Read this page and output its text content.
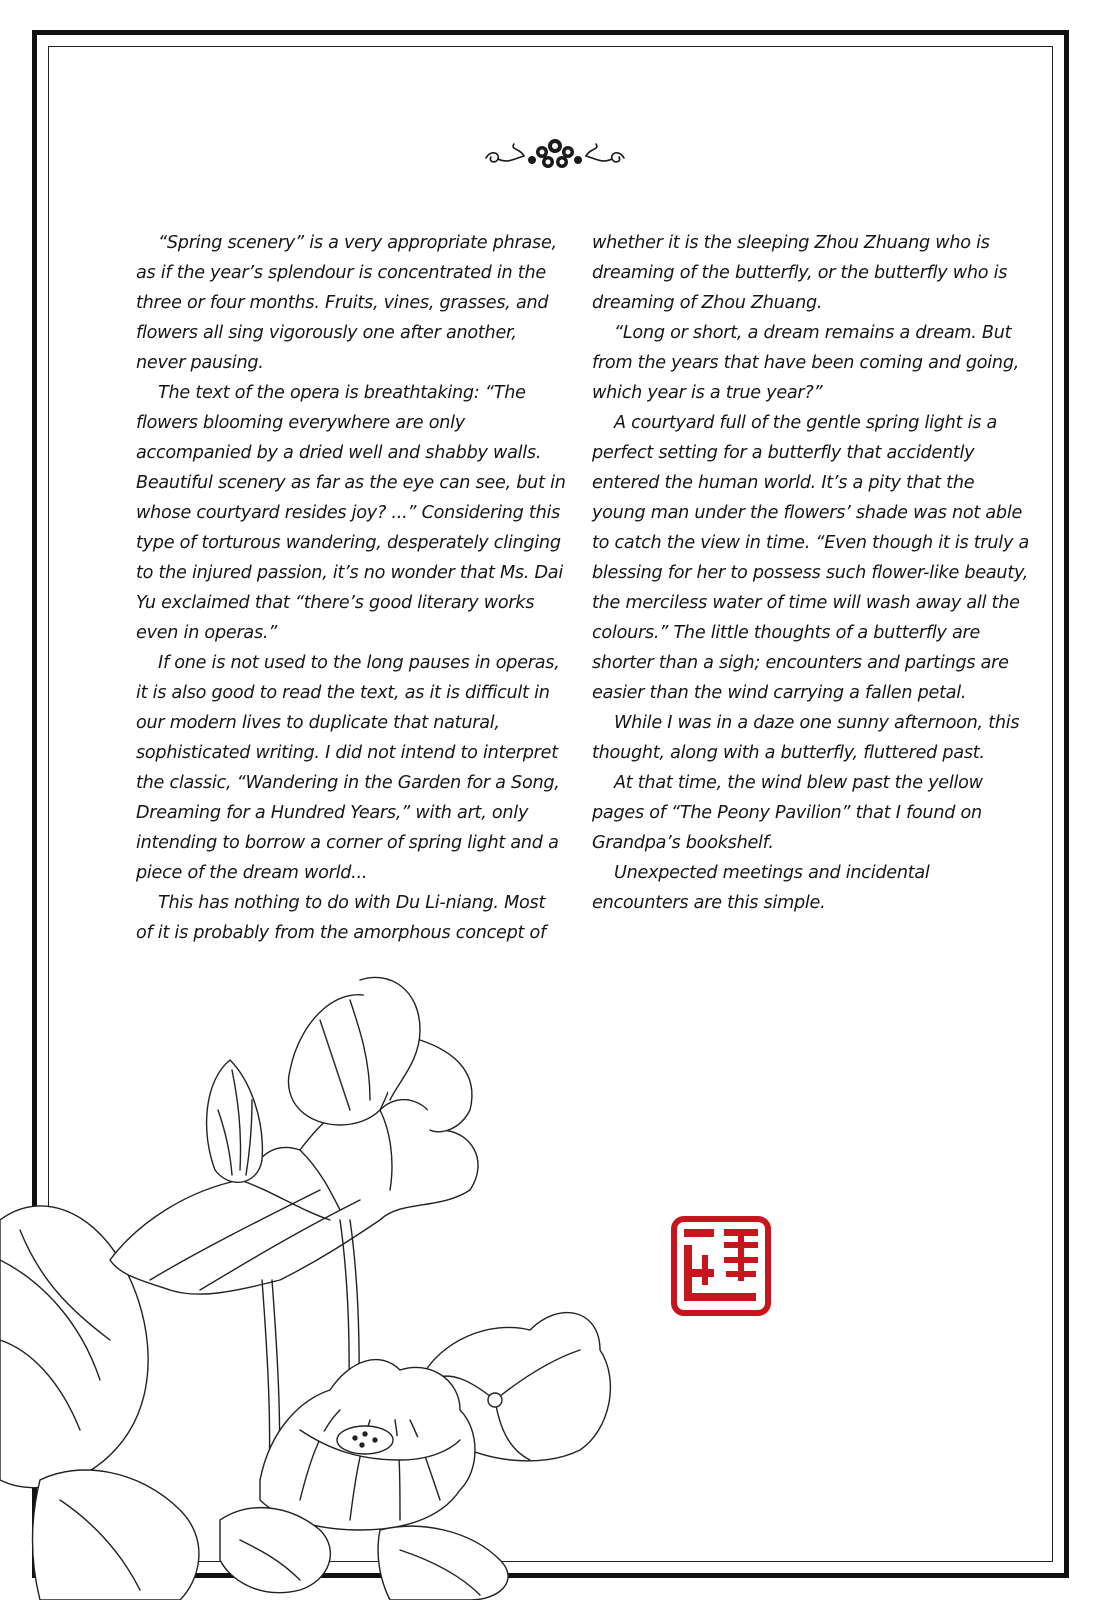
“Spring scenery” is a very appropriate phrase, as if the year’s splendour is concentrated in the three or four months. Fruits, vines, grasses, and flowers all sing vigorously one after another, never pausing.

The text of the opera is breathtaking: “The flowers blooming everywhere are only accompanied by a dried well and shabby walls. Beautiful scenery as far as the eye can see, but in whose courtyard resides joy? ...” Considering this type of torturous wandering, desperately clinging to the injured passion, it’s no wonder that Ms. Dai Yu exclaimed that “there’s good literary works even in operas.”

If one is not used to the long pauses in operas, it is also good to read the text, as it is difficult in our modern lives to duplicate that natural, sophisticated writing. I did not intend to interpret the classic, “Wandering in the Garden for a Song, Dreaming for a Hundred Years,” with art, only intending to borrow a corner of spring light and a piece of the dream world...

This has nothing to do with Du Li-niang. Most of it is probably from the amorphous concept of

whether it is the sleeping Zhou Zhuang who is dreaming of the butterfly, or the butterfly who is dreaming of Zhou Zhuang.

“Long or short, a dream remains a dream. But from the years that have been coming and going, which year is a true year?”

A courtyard full of the gentle spring light is a perfect setting for a butterfly that accidently entered the human world. It’s a pity that the young man under the flowers’ shade was not able to catch the view in time. “Even though it is truly a blessing for her to possess such flower-like beauty, the merciless water of time will wash away all the colours.” The little thoughts of a butterfly are shorter than a sigh; encounters and partings are easier than the wind carrying a fallen petal.

While I was in a daze one sunny afternoon, this thought, along with a butterfly, fluttered past.

At that time, the wind blew past the yellow pages of “The Peony Pavilion” that I found on Grandpa’s bookshelf.

Unexpected meetings and incidental encounters are this simple.
